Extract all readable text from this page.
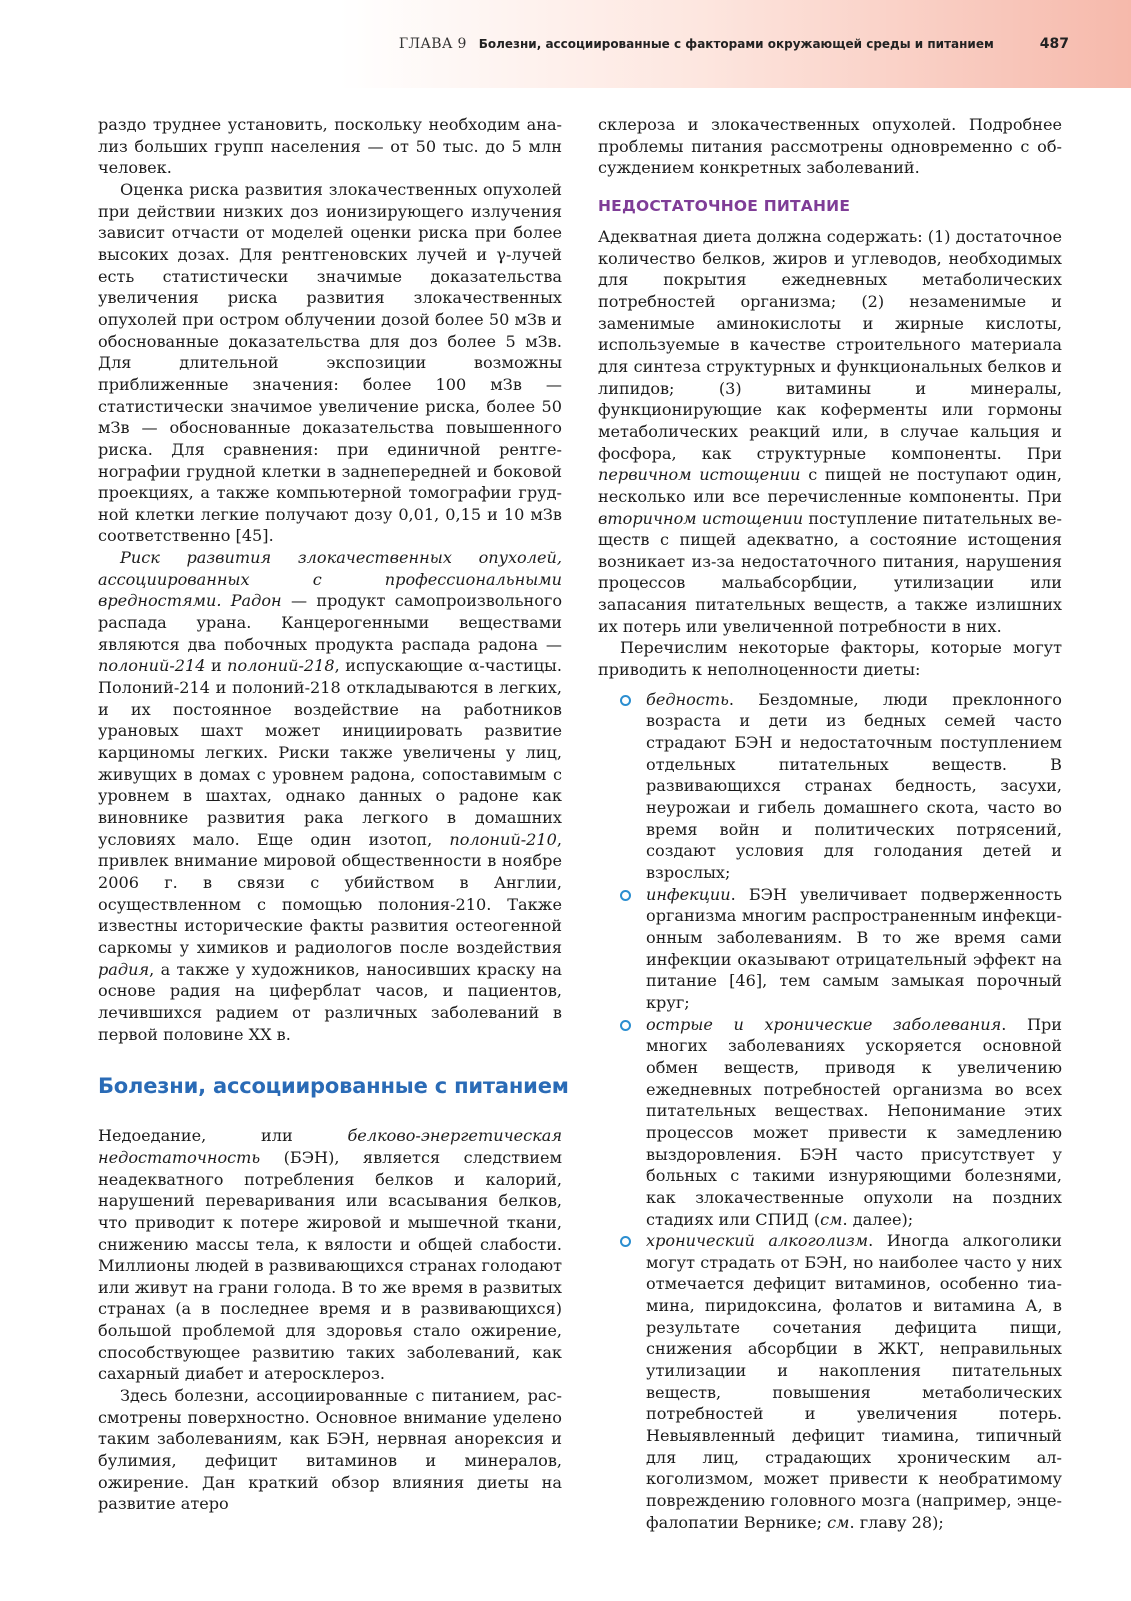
ГЛАВА 9 Болезни, ассоциированные с факторами окружающей среды и питанием	487

раздо труднее установить, поскольку необходим анализ больших групп населения — от 50 тыс. до 5 млн человек.

Оценка риска развития злокачественных опухолей при действии низких доз ионизирующего излучения зависит отчасти от моделей оценки риска при более высоких дозах. Для рентгеновских лучей и γ-лучей есть статистически значимые доказательства увеличения риска развития злокачественных опухолей при остром облучении дозой более 50 мЗв и обоснованные доказательства для доз более 5 мЗв. Для длительной экспозиции возможны приближенные значения: более 100 мЗв — статистически значимое увеличение риска, более 50 мЗв — обоснованные доказательства повышенного риска. Для сравнения: при единичной рентгенографии грудной клетки в заднепередней и боковой проекциях, а также компьютерной томографии грудной клетки легкие получают дозу 0,01, 0,15 и 10 мЗв соответственно [45].

Риск развития злокачественных опухолей, ассоциированных с профессиональными вредностями. Радон — продукт самопроизвольного распада урана. Канцерогенными веществами являются два побочных продукта распада радона — полоний-214 и полоний-218, испускающие α-частицы. Полоний-214 и полоний-218 откладываются в легких, и их постоянное воздействие на работников урановых шахт может инициировать развитие карциномы легких. Риски также увеличены у лиц, живущих в домах с уровнем радона, сопоставимым с уровнем в шахтах, однако данных о радоне как виновнике развития рака легкого в домашних условиях мало. Еще один изотоп, полоний-210, привлек внимание мировой общественности в ноябре 2006 г. в связи с убийством в Англии, осуществленном с помощью полония-210. Также известны исторические факты развития остеогенной саркомы у химиков и радиологов после воздействия радия, а также у художников, наносивших краску на основе радия на циферблат часов, и пациентов, лечившихся радием от различных заболеваний в первой половине XX в.

Болезни, ассоциированные с питанием

Недоедание, или белково-энергетическая недостаточность (БЭН), является следствием неадекватного потребления белков и калорий, нарушений переваривания или всасывания белков, что приводит к потере жировой и мышечной ткани, снижению массы тела, к вялости и общей слабости. Миллионы людей в развивающихся странах голодают или живут на грани голода. В то же время в развитых странах (а в последнее время и в развивающихся) большой проблемой для здоровья стало ожирение, способствующее развитию таких заболеваний, как сахарный диабет и атеросклероз.

Здесь болезни, ассоциированные с питанием, рассмотрены поверхностно. Основное внимание уделено таким заболеваниям, как БЭН, нервная анорексия и булимия, дефицит витаминов и минералов, ожирение. Дан краткий обзор влияния диеты на развитие атеро

склероза и злокачественных опухолей. Подробнее проблемы питания рассмотрены одновременно с обсуждением конкретных заболеваний.

НЕДОСТАТОЧНОЕ ПИТАНИЕ

Адекватная диета должна содержать: (1) достаточное количество белков, жиров и углеводов, необходимых для покрытия ежедневных метаболических потребностей организма; (2) незаменимые и заменимые аминокислоты и жирные кислоты, используемые в качестве строительного материала для синтеза структурных и функциональных белков и липидов; (3) витамины и минералы, функционирующие как коферменты или гормоны метаболических реакций или, в случае кальция и фосфора, как структурные компоненты. При первичном истощении с пищей не поступают один, несколько или все перечисленные компоненты. При вторичном истощении поступление питательных веществ с пищей адекватно, а состояние истощения возникает из-за недостаточного питания, нарушения процессов мальабсорбции, утилизации или запасания питательных веществ, а также излишних их потерь или увеличенной потребности в них.

Перечислим некоторые факторы, которые могут приводить к неполноценности диеты:

бедность. Бездомные, люди преклонного возраста и дети из бедных семей часто страдают БЭН и недостаточным поступлением отдельных питательных веществ. В развивающихся странах бедность, засухи, неурожаи и гибель домашнего скота, часто во время войн и политических потрясений, создают условия для голодания детей и взрослых;
инфекции. БЭН увеличивает подверженность организма многим распространенным инфекционным заболеваниям. В то же время сами инфекции оказывают отрицательный эффект на питание [46], тем самым замыкая порочный круг;
острые и хронические заболевания. При многих заболеваниях ускоряется основной обмен веществ, приводя к увеличению ежедневных потребностей организма во всех питательных веществах. Непонимание этих процессов может привести к замедлению выздоровления. БЭН часто присутствует у больных с такими изнуряющими болезнями, как злокачественные опухоли на поздних стадиях или СПИД (см. далее);
хронический алкоголизм. Иногда алкоголики могут страдать от БЭН, но наиболее часто у них отмечается дефицит витаминов, особенно тиамина, пиридоксина, фолатов и витамина А, в результате сочетания дефицита пищи, снижения абсорбции в ЖКТ, неправильных утилизации и накопления питательных веществ, повышения метаболических потребностей и увеличения потерь. Невыявленный дефицит тиамина, типичный для лиц, страдающих хроническим алкоголизмом, может привести к необратимому повреждению головного мозга (например, энцефалопатии Вернике; см. главу 28);
